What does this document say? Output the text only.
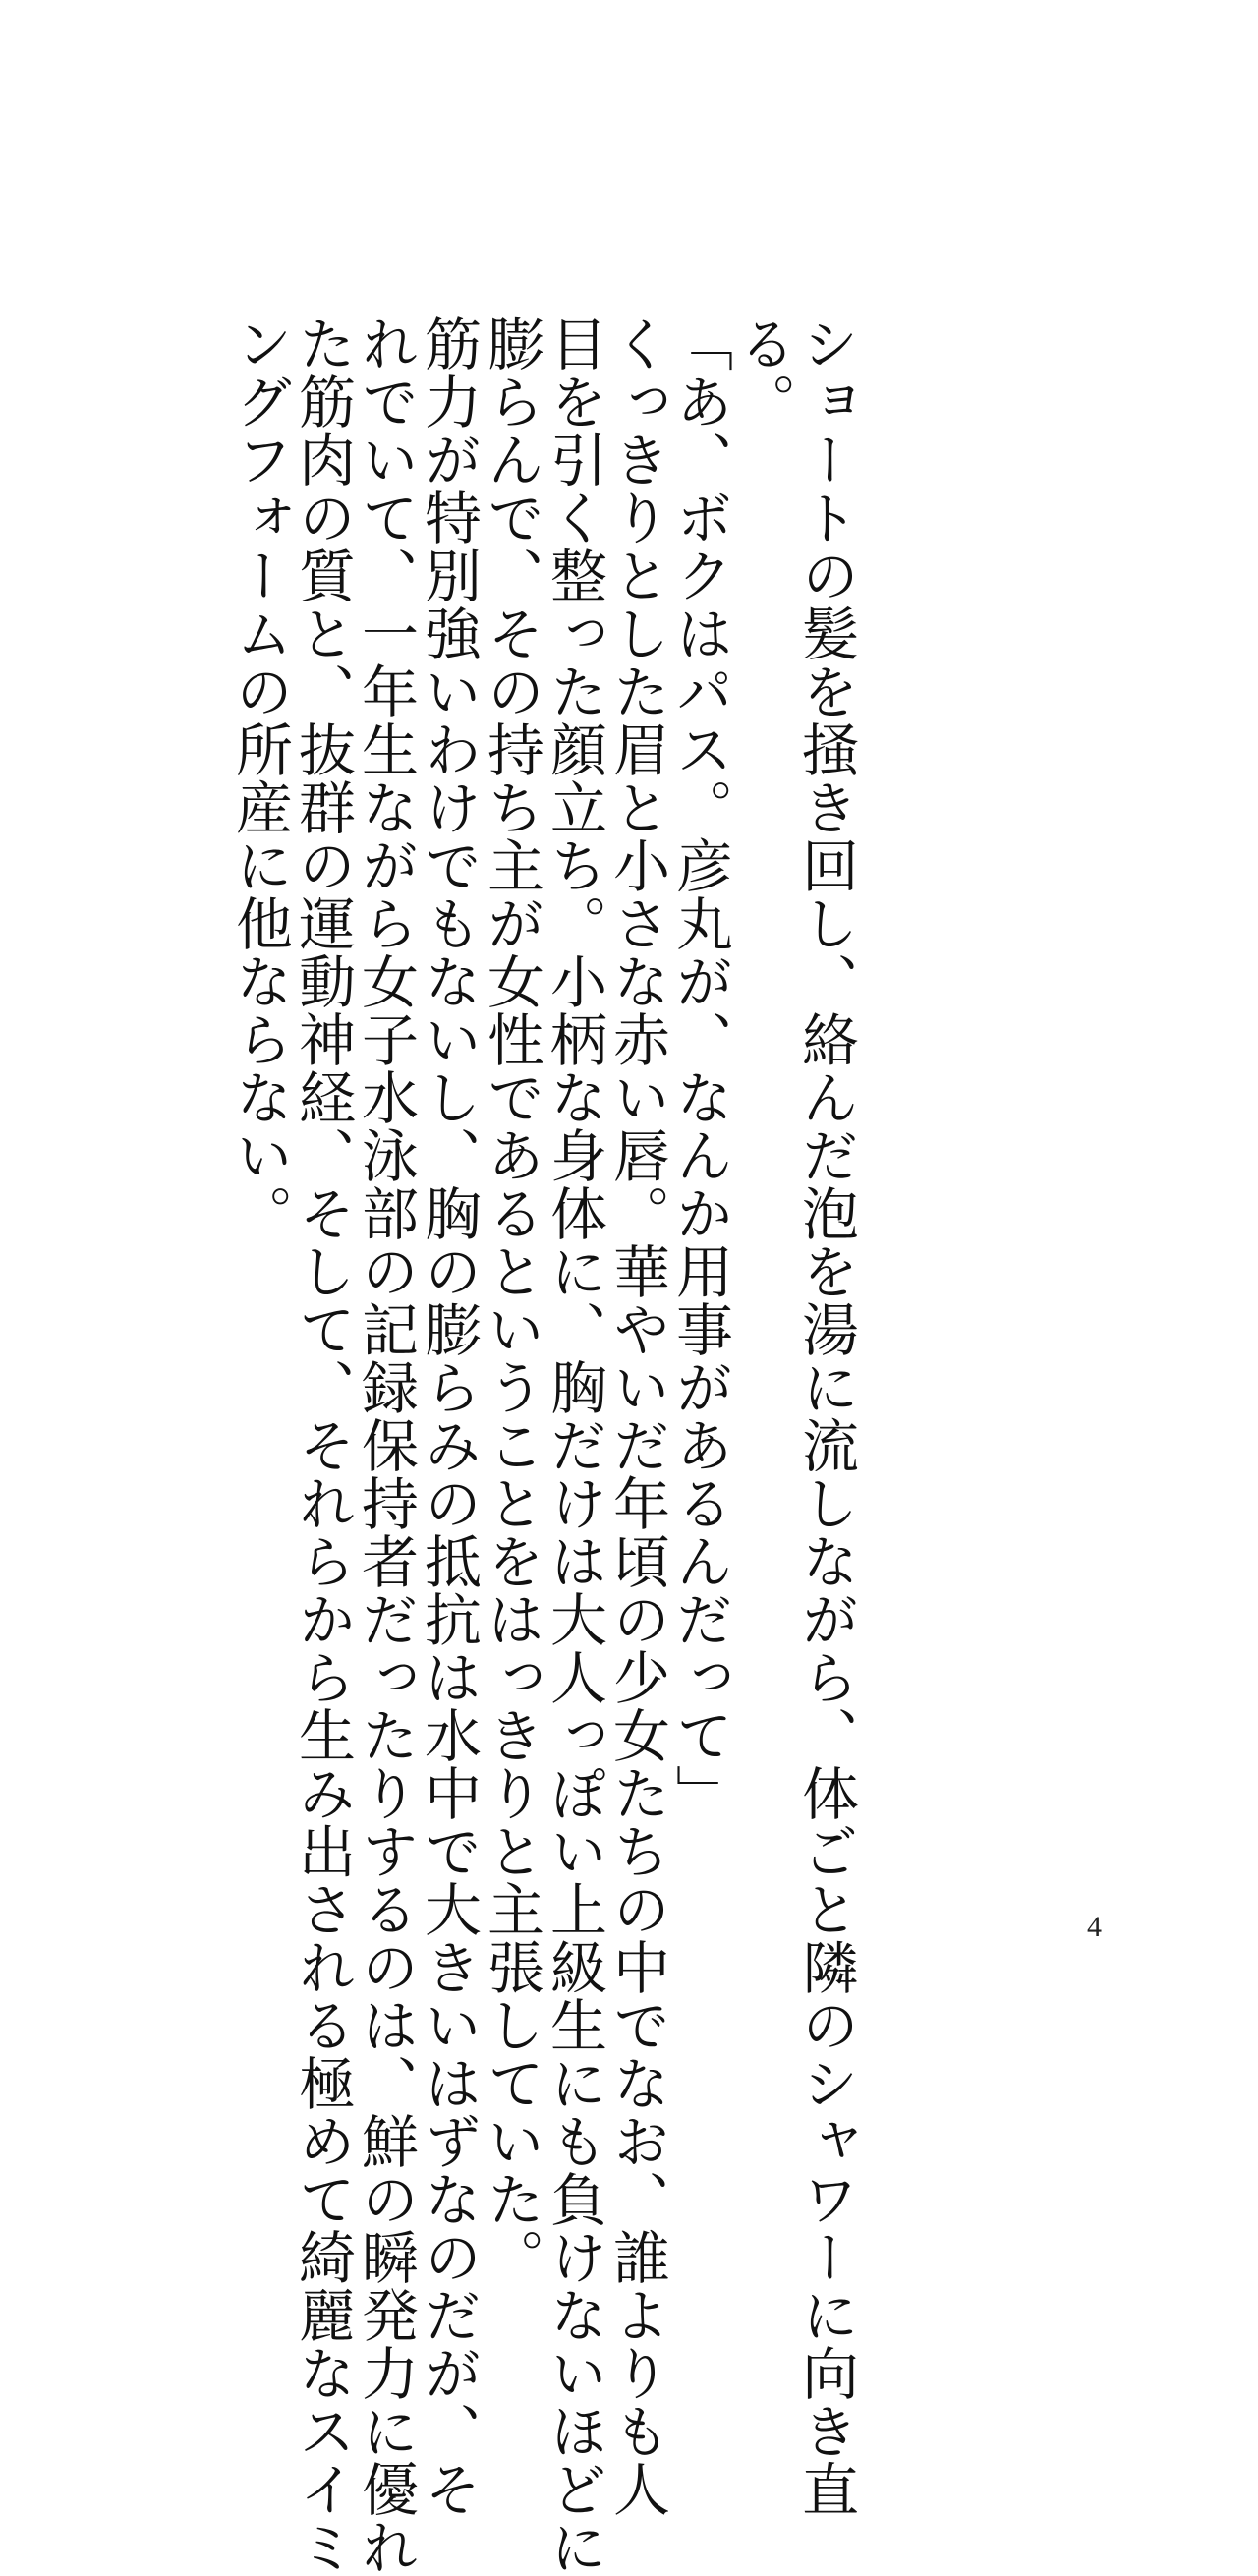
ショートの髪を掻き回し、絡んだ泡を湯に流しながら、体ごと隣のシャワーに向き直
る。
「あ、ボクはパス。彦丸が、なんか用事があるんだって」
くっきりとした眉と小さな赤い唇。華やいだ年頃の少女たちの中でなお、誰よりも人
目を引く整った顔立ち。小柄な身体に、胸だけは大人っぽい上級生にも負けないほどに
膨らんで、その持ち主が女性であるということをはっきりと主張していた。
筋力が特別強いわけでもないし、胸の膨らみの抵抗は水中で大きいはずなのだが、そ
れでいて、一年生ながら女子水泳部の記録保持者だったりするのは、鮮の瞬発力に優れ
た筋肉の質と、抜群の運動神経、そして、それらから生み出される極めて綺麗なスイミ
ングフォームの所産に他ならない。
4
